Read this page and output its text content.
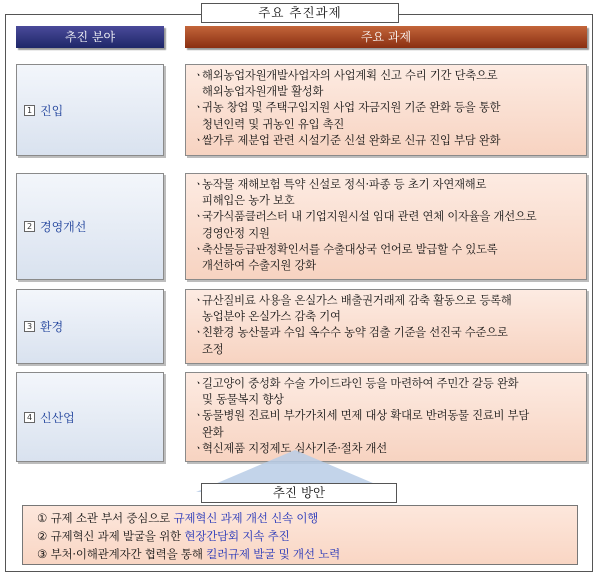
주요 추진과제
추진 분야	주요 과제
1 진입
ㆍ해외농업자원개발사업자의 사업계획 신고 수리 기간 단축으로
해외농업자원개발 활성화
ㆍ귀농 창업 및 주택구입지원 사업 자금지원 기준 완화 등을 통한
청년인력 및 귀농인 유입 촉진
ㆍ쌀가루 제분업 관련 시설기준 신설 완화로 신규 진입 부담 완화
2 경영개선
ㆍ농작물 재해보험 특약 신설로 정식·파종 등 초기 자연재해로
피해입은 농가 보호
ㆍ국가식품클러스터 내 기업지원시설 임대 관련 연체 이자율을 개선으로
경영안정 지원
ㆍ축산물등급판정확인서를 수출대상국 언어로 발급할 수 있도록
개선하여 수출지원 강화
3 환경
ㆍ규산질비료 사용을 온실가스 배출권거래제 감축 활동으로 등록해
농업분야 온실가스 감축 기여
ㆍ친환경 농산물과 수입 옥수수 농약 검출 기준을 선진국 수준으로
조정
4 신산업
ㆍ길고양이 중성화 수술 가이드라인 등을 마련하여 주민간 갈등 완화
및 동물복지 향상
ㆍ동물병원 진료비 부가가치세 면제 대상 확대로 반려동물 진료비 부담
완화
ㆍ혁신제품 지정제도 심사기준·절차 개선
추진 방안
① 규제 소관 부서 중심으로 규제혁신 과제 개선 신속 이행
② 규제혁신 과제 발굴을 위한 현장간담회 지속 추진
③ 부처·이해관계자간 협력을 통해 킬러규제 발굴 및 개선 노력
